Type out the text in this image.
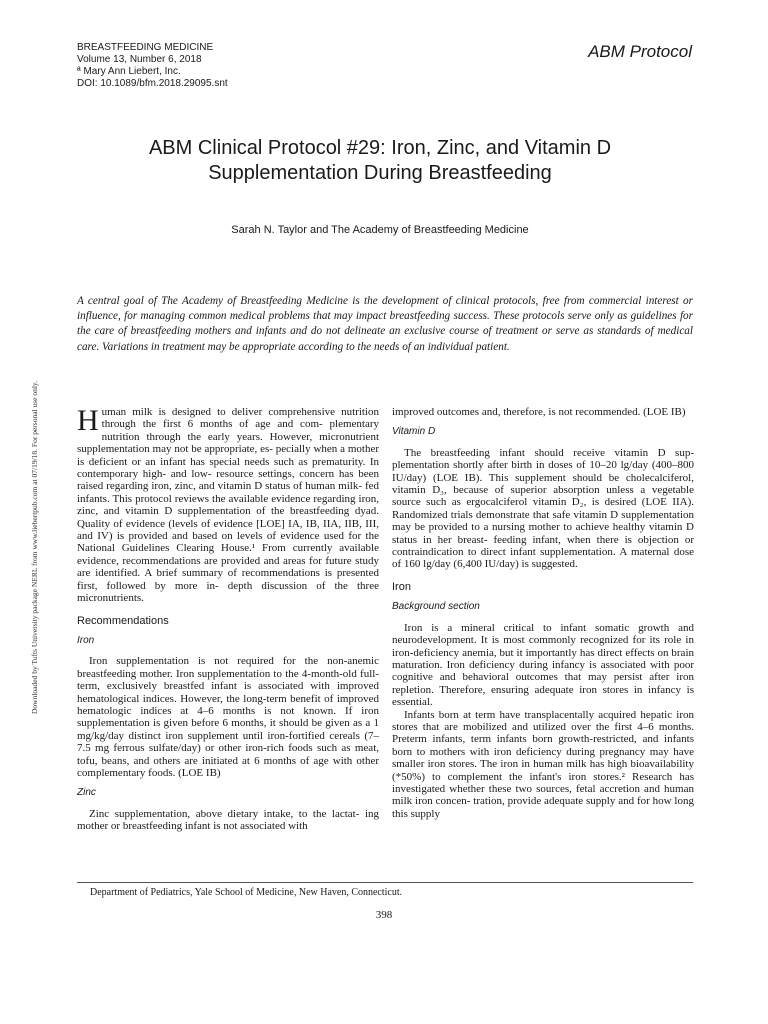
BREASTFEEDING MEDICINE
Volume 13, Number 6, 2018
ª Mary Ann Liebert, Inc.
DOI: 10.1089/bfm.2018.29095.snt
ABM Protocol
ABM Clinical Protocol #29: Iron, Zinc, and Vitamin D
Supplementation During Breastfeeding
Sarah N. Taylor and The Academy of Breastfeeding Medicine
Downloaded by Tufts University package NERL from www.liebertpub.com at 07/19/18. For personal use only.

A central goal of The Academy of Breastfeeding Medicine is the development of clinical protocols, free from commercial interest or influence, for managing common medical problems that may impact breastfeeding success. These protocols serve only as guidelines for the care of breastfeeding mothers and infants and do not delineate an exclusive course of treatment or serve as standards of medical care. Variations in treatment may be appropriate according to the needs of an individual patient.

Human milk is designed to deliver comprehensive nutrition through the first 6 months of age and com- plementary nutrition through the early years. However, micronutrient supplementation may not be appropriate, es- pecially when a mother is deficient or an infant has special needs such as prematurity. In contemporary high- and low- resource settings, concern has been raised regarding iron, zinc, and vitamin D status of human milk- fed infants. This protocol reviews the available evidence regarding iron, zinc, and vitamin D supplementation of the breastfeeding dyad. Quality of evidence (levels of evidence [LOE] IA, IB, IIA, IIB, III, and IV) is provided and based on levels of evidence used for the National Guidelines Clearing House.¹ From currently available evidence, recommendations are provided and areas for future study are identified. A brief summary of recommendations is presented first, followed by more in- depth discussion of the three micronutrients.

Recommendations
Iron

Iron supplementation is not required for the non-anemic breastfeeding mother. Iron supplementation to the 4-month-old full-term, exclusively breastfed infant is associated with improved hematological indices. However, the long-term benefit of improved hematologic indices at 4–6 months is not known. If iron supplementation is given before 6 months, it should be given as a 1 mg/kg/day distinct iron supplement until iron-fortified cereals (7–7.5 mg ferrous sulfate/day) or other iron-rich foods such as meat, tofu, beans, and others are initiated at 6 months of age with other complementary foods. (LOE IB)

Zinc

Zinc supplementation, above dietary intake, to the lactat- ing mother or breastfeeding infant is not associated with

improved outcomes and, therefore, is not recommended. (LOE IB)

Vitamin D

The breastfeeding infant should receive vitamin D sup- plementation shortly after birth in doses of 10–20 lg/day (400–800 IU/day) (LOE IB). This supplement should be cholecalciferol, vitamin D₃, because of superior absorption unless a vegetable source such as ergocalciferol vitamin D₂, is desired (LOE IIA). Randomized trials demonstrate that safe vitamin D supplementation may be provided to a nursing mother to achieve healthy vitamin D status in her breast- feeding infant, when there is objection or contraindication to direct infant supplementation. A maternal dose of 160 lg/day (6,400 IU/day) is suggested.

Iron
Background section

Iron is a mineral critical to infant somatic growth and neurodevelopment. It is most commonly recognized for its role in iron-deficiency anemia, but it importantly has direct effects on brain maturation. Iron deficiency during infancy is associated with poor cognitive and behavioral outcomes that may persist after iron repletion. Therefore, ensuring adequate iron stores in infancy is essential.

Infants born at term have transplacentally acquired hepatic iron stores that are mobilized and utilized over the first 4–6 months. Preterm infants, term infants born growth-restricted, and infants born to mothers with iron deficiency during pregnancy may have smaller iron stores. The iron in human milk has high bioavailability (*50%) to complement the infant's iron stores.² Research has investigated whether these two sources, fetal accretion and human milk iron concen- tration, provide adequate supply and for how long this supply

Department of Pediatrics, Yale School of Medicine, New Haven, Connecticut.
398
